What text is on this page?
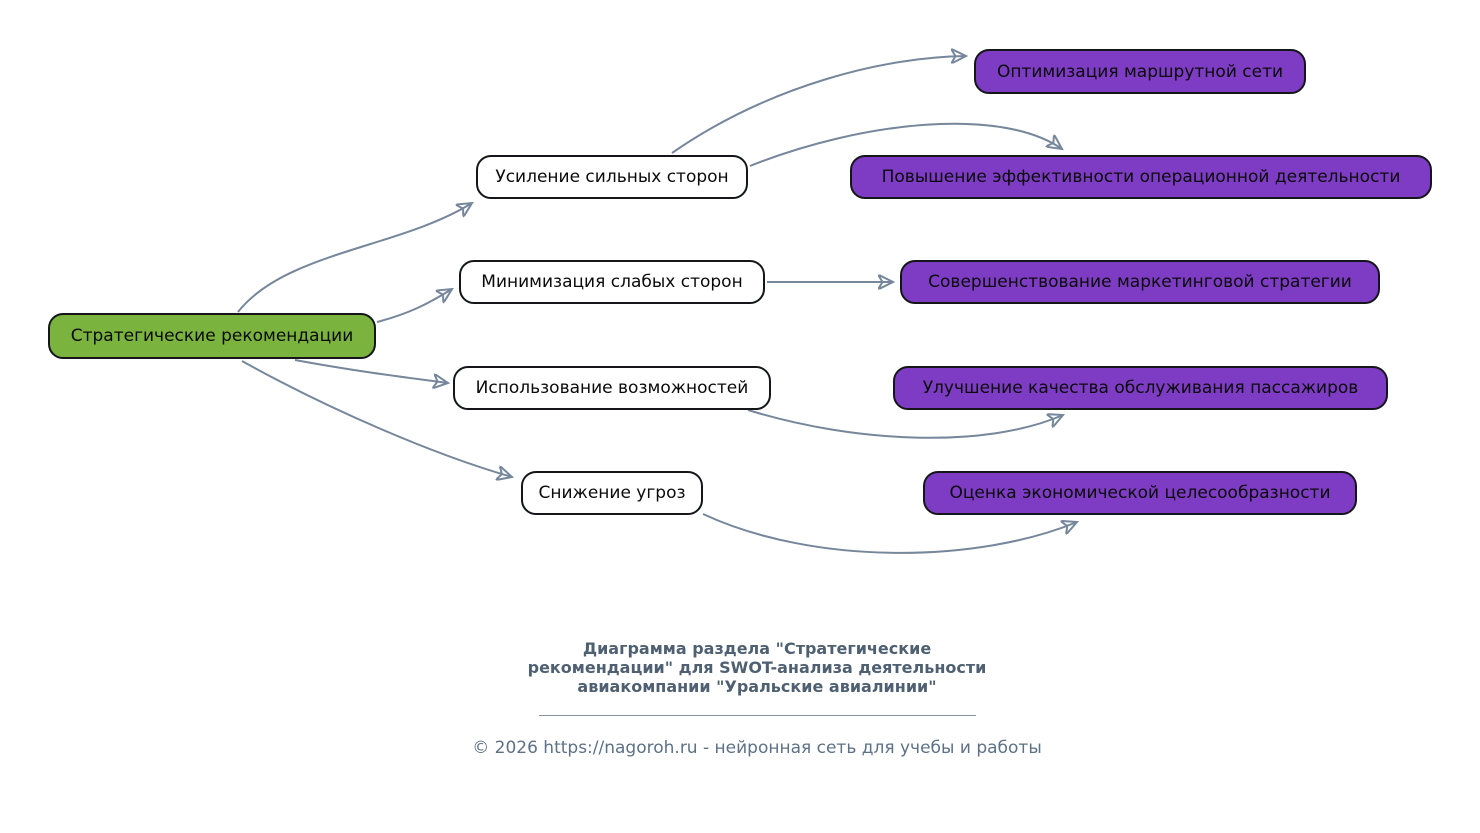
Стратегические рекомендации
Усиление сильных сторон
Минимизация слабых сторон
Использование возможностей
Снижение угроз
Оптимизация маршрутной сети
Повышение эффективности операционной деятельности
Совершенствование маркетинговой стратегии
Улучшение качества обслуживания пассажиров
Оценка экономической целесообразности
Диаграмма раздела "Стратегические
рекомендации" для SWOT-анализа деятельности
авиакомпании "Уральские авиалинии"
© 2026 https://nagoroh.ru - нейронная сеть для учебы и работы
